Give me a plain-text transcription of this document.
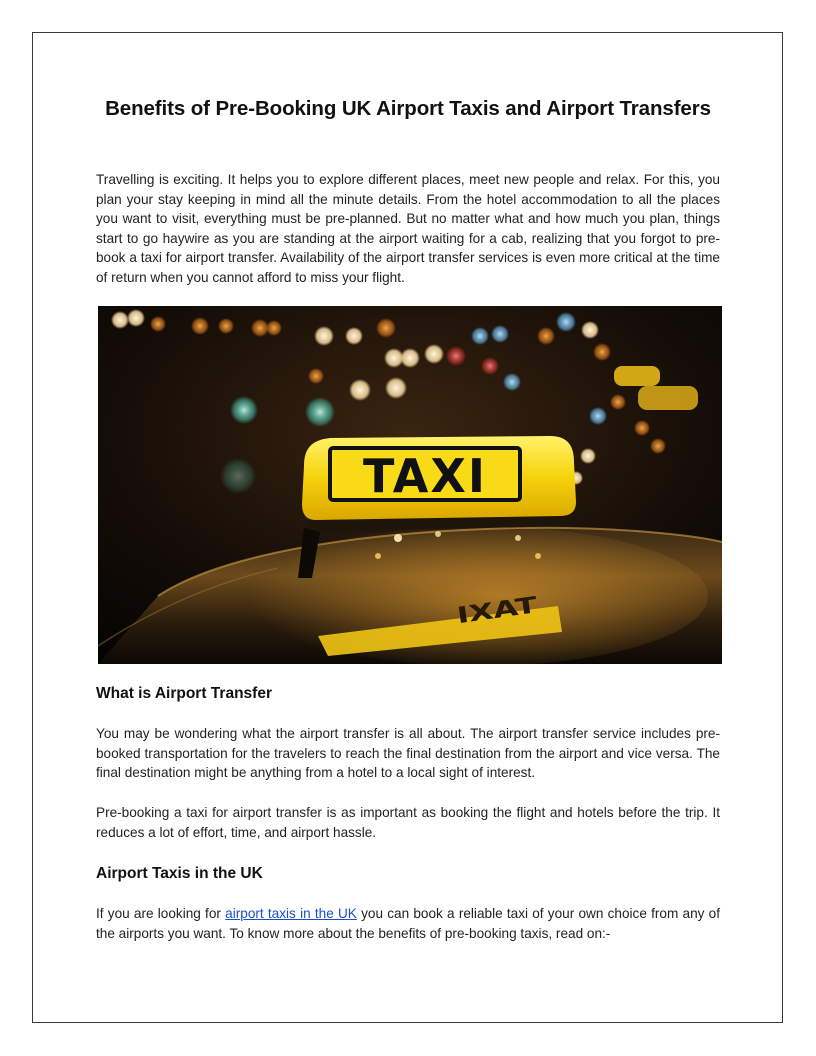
Benefits of Pre-Booking UK Airport Taxis and Airport Transfers

Travelling is exciting. It helps you to explore different places, meet new people and relax. For this, you plan your stay keeping in mind all the minute details. From the hotel accommodation to all the places you want to visit, everything must be pre-planned. But no matter what and how much you plan, things start to go haywire as you are standing at the airport waiting for a cab, realizing that you forgot to pre-book a taxi for airport transfer. Availability of the airport transfer services is even more critical at the time of return when you cannot afford to miss your flight.

TAXI
TAXI
What is Airport Transfer

You may be wondering what the airport transfer is all about. The airport transfer service includes pre-booked transportation for the travelers to reach the final destination from the airport and vice versa. The final destination might be anything from a hotel to a local sight of interest.

Pre-booking a taxi for airport transfer is as important as booking the flight and hotels before the trip. It reduces a lot of effort, time, and airport hassle.

Airport Taxis in the UK

If you are looking for airport taxis in the UK you can book a reliable taxi of your own choice from any of the airports you want. To know more about the benefits of pre-booking taxis, read on:-
